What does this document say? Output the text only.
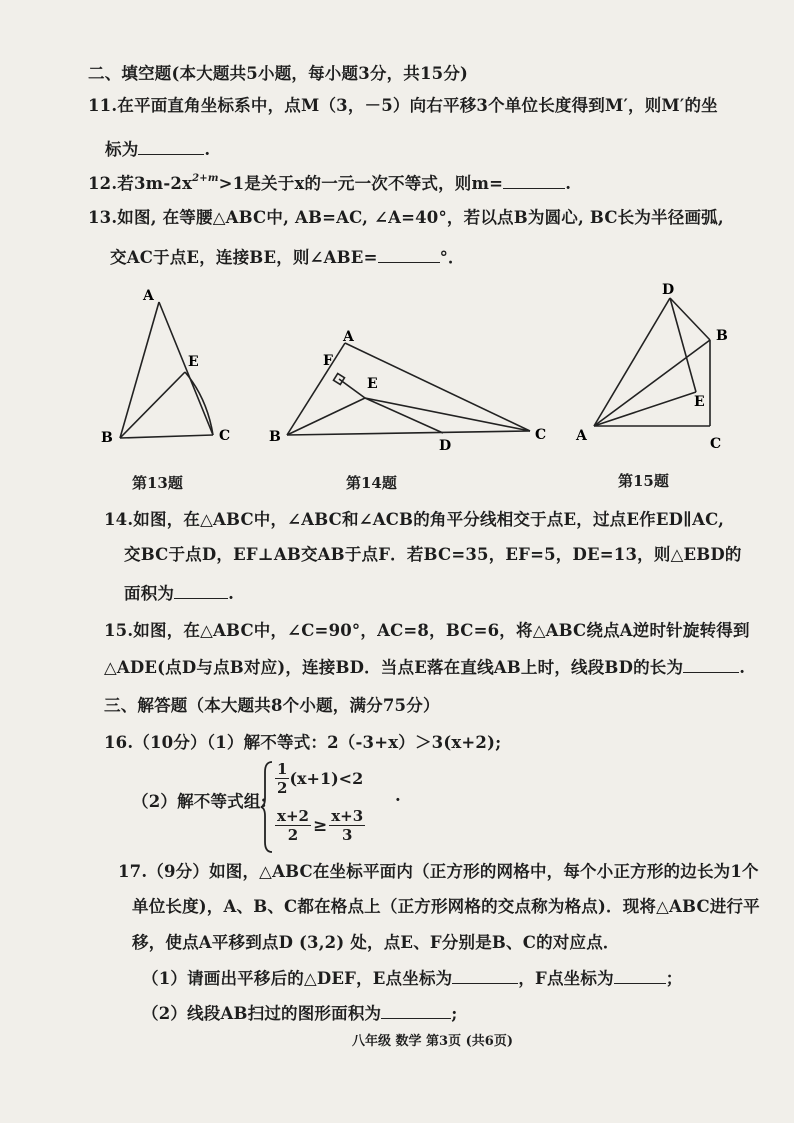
二、填空题(本大题共5小题，每小题3分，共15分)
11.在平面直角坐标系中，点M（3，－5）向右平移3个单位长度得到M′，则M′的坐
标为	.
12.若$3m-2x^{2+m}>1$是关于x的一元一次不等式，则m=	.
13.如图, 在等腰△ABC中, AB=AC, ∠A=40°，若以点B为圆心, BC长为半径画弧,
交AC于点E，连接BE，则∠ABE=	°．
A
E
B	C
A
F
E
B
D
C
D
B
E
A	C
第13题	第14题	第15题
14.如图，在△ABC中，∠ABC和∠ACB的角平分线相交于点E，过点E作ED∥AC,
交BC于点D，EF⊥AB交AB于点F．若BC=35，EF=5，DE=13，则△EBD的
面积为	.
15.如图，在△ABC中，∠C=90°，AC=8，BC=6，将△ABC绕点A逆时针旋转得到
△ADE(点D与点B对应)，连接BD．当点E落在直线AB上时，线段BD的长为	.
三、解答题（本大题共8个小题，满分75分）
16.（10分）（1）解不等式：2（-3+x）＞3(x+2);
（2）解不等式组:
$\frac{1}{2} (x+1)<2$
$\frac{x+2}{2} \ge \frac{x+3}{3}$
.
17.（9分）如图，△ABC在坐标平面内（正方形的网格中，每个小正方形的边长为1个
单位长度)，A、B、C都在格点上（正方形网格的交点称为格点)．现将△ABC进行平
移，使点A平移到点D (3,2) 处，点E、F分别是B、C的对应点．
（1）请画出平移后的△DEF，E点坐标为	，F点坐标为	；
（2）线段AB扫过的图形面积为	;
八年级 数学 第3页 (共6页)
